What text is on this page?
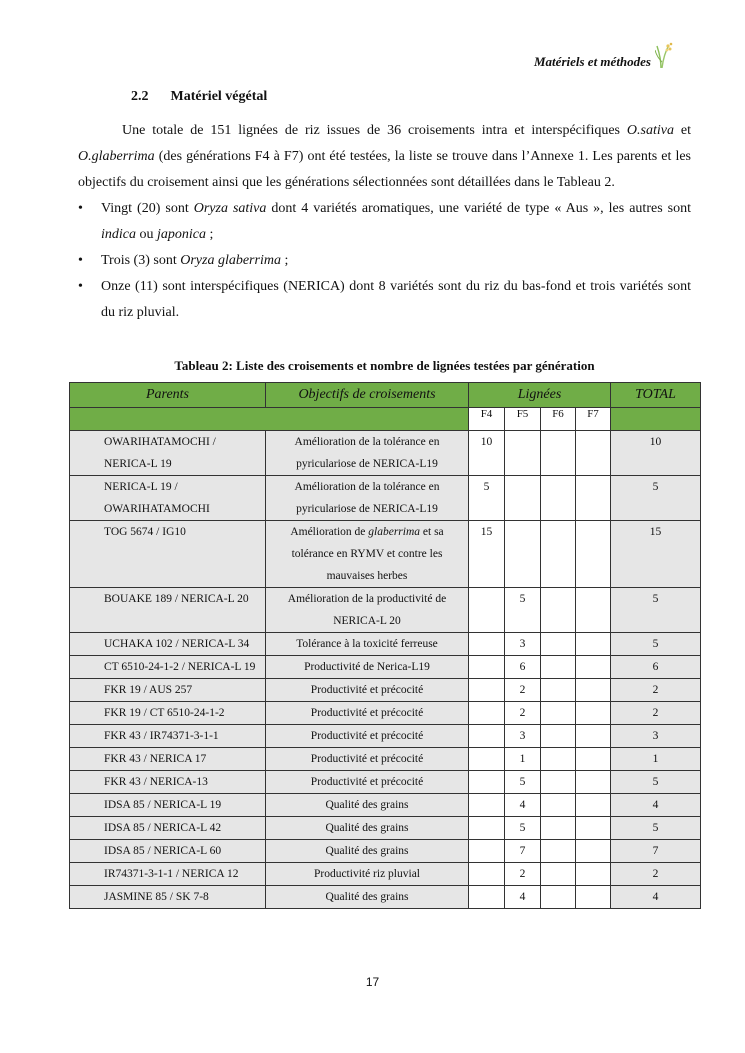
Matériels et méthodes
2.2 Matériel végétal

Une totale de 151 lignées de riz issues de 36 croisements intra et interspécifiques O.sativa et O.glaberrima (des générations F4 à F7) ont été testées, la liste se trouve dans l’Annexe 1. Les parents et les objectifs du croisement ainsi que les générations sélectionnées sont détaillées dans le Tableau 2.

• Vingt (20) sont Oryza sativa dont 4 variétés aromatiques, une variété de type « Aus », les autres sont indica ou japonica ;
• Trois (3) sont Oryza glaberrima ;
• Onze (11) sont interspécifiques (NERICA) dont 8 variétés sont du riz du bas-fond et trois variétés sont du riz pluvial.
Tableau 2: Liste des croisements et nombre de lignées testées par génération
Parents	Objectifs de croisements	Lignées				TOTAL
		F4	F5	F6	F7	
OWARIHATAMOCHI / NERICA-L 19	Amélioration de la tolérance en pyriculariose de NERICA-L19	10				10
NERICA-L 19 / OWARIHATAMOCHI	Amélioration de la tolérance en pyriculariose de NERICA-L19	5				5
TOG 5674 / IG10	Amélioration de glaberrima et sa tolérance en RYMV et contre les mauvaises herbes	15				15
BOUAKE 189 / NERICA-L 20	Amélioration de la productivité de NERICA-L 20		5			5
UCHAKA 102 / NERICA-L 34	Tolérance à la toxicité ferreuse		3			5
CT 6510-24-1-2 / NERICA-L 19	Productivité de Nerica-L19		6			6
FKR 19 / AUS 257	Productivité et précocité		2			2
FKR 19 / CT 6510-24-1-2	Productivité et précocité		2			2
FKR 43 / IR74371-3-1-1	Productivité et précocité		3			3
FKR 43 / NERICA 17	Productivité et précocité		1			1
FKR 43 / NERICA-13	Productivité et précocité		5			5
IDSA 85 / NERICA-L 19	Qualité des grains		4			4
IDSA 85 / NERICA-L 42	Qualité des grains		5			5
IDSA 85 / NERICA-L 60	Qualité des grains		7			7
IR74371-3-1-1 / NERICA 12	Productivité riz pluvial		2			2
JASMINE 85 / SK 7-8	Qualité des grains		4			4
17
